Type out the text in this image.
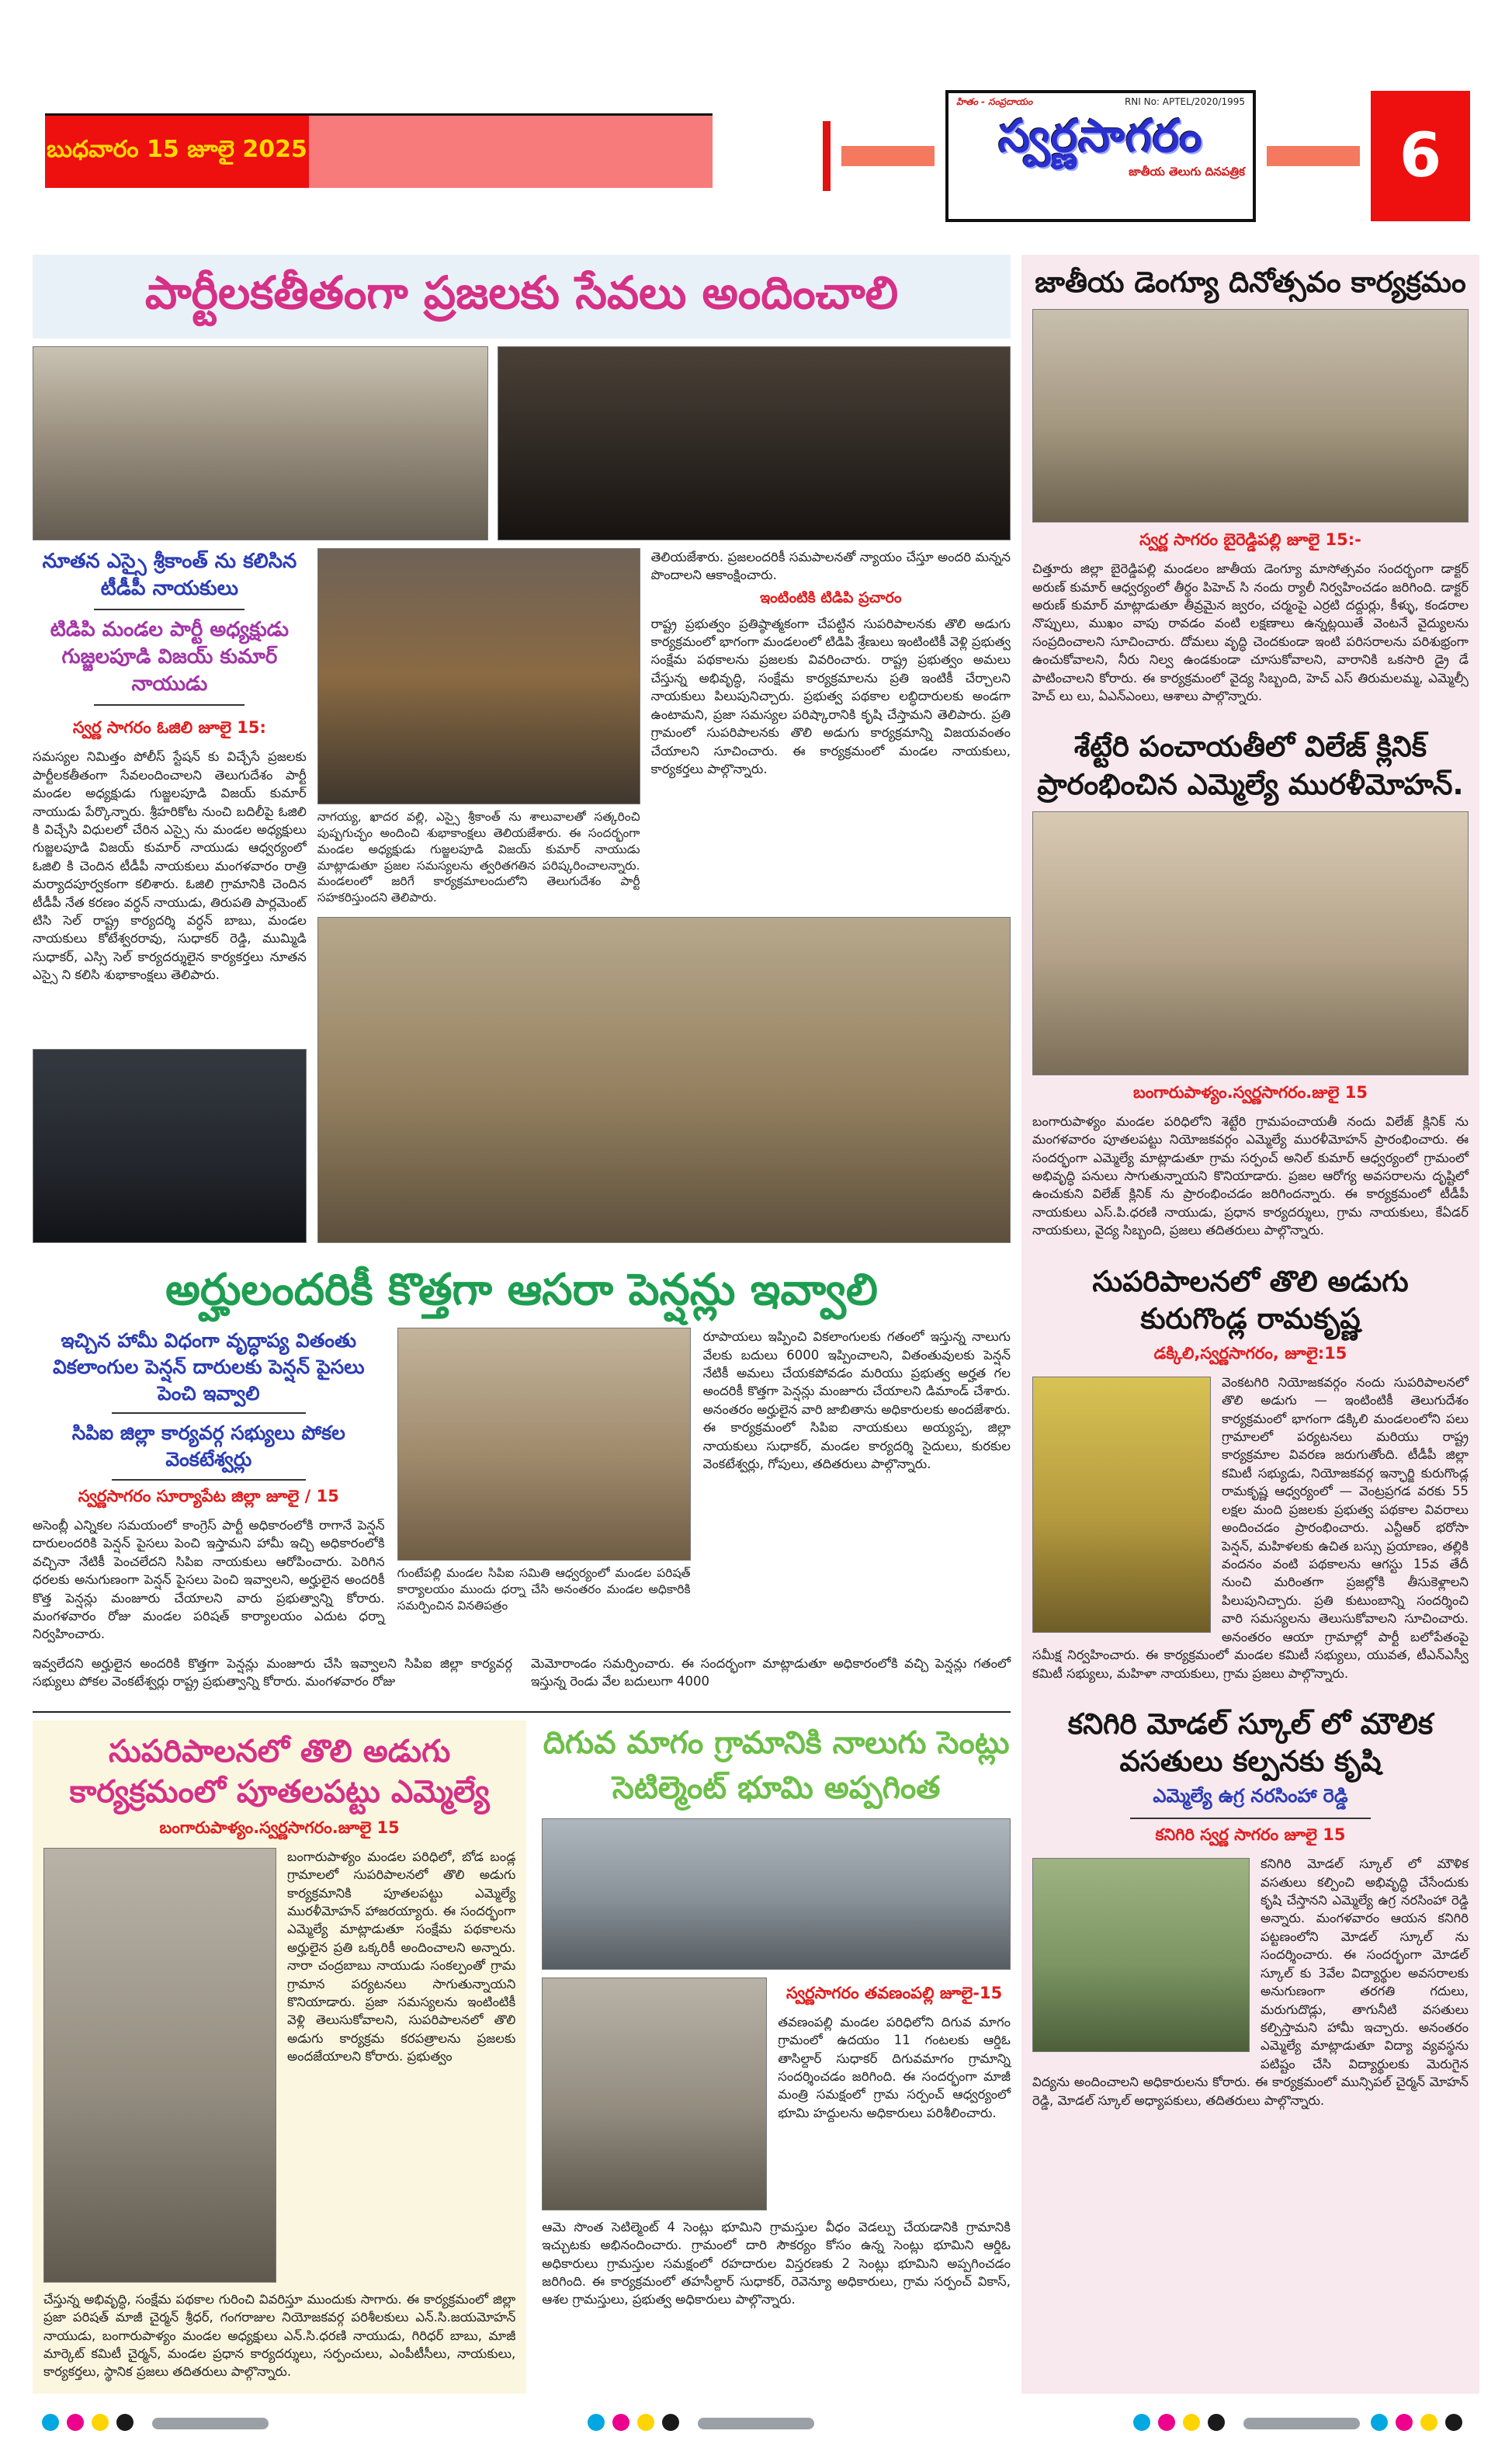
బుధవారం 15 జూలై 2025
హితం - సంప్రదాయం	RNI No: APTEL/2020/1995
స్వర్ణసాగరం
జాతీయ తెలుగు దినపత్రిక	6
పార్టీలకతీతంగా ప్రజలకు సేవలు అందించాలి
నూతన ఎస్సై శ్రీకాంత్ ను కలిసిన టీడీపీ నాయకులు
టిడిపి మండల పార్టీ అధ్యక్షుడు గుజ్జలపూడి విజయ్ కుమార్ నాయుడు
స్వర్ణ సాగరం ఓజిలి జూలై 15:

సమస్యల నిమిత్తం పోలీస్ స్టేషన్ కు విచ్చేసే ప్రజలకు పార్టీలకతీతంగా సేవలందించాలని తెలుగుదేశం పార్టీ మండల అధ్యక్షుడు గుజ్జలపూడి విజయ్ కుమార్ నాయుడు పేర్కొన్నారు. శ్రీహరికోట నుంచి బదిలీపై ఓజిలి కి విచ్చేసి విధులలో చేరిన ఎస్సై ను మండల అధ్యక్షులు గుజ్జలపూడి విజయ్ కుమార్ నాయుడు ఆధ్వర్యంలో ఓజిలి కి చెందిన టీడీపీ నాయకులు మంగళవారం రాత్రి మర్యాదపూర్వకంగా కలిశారు. ఓజిలి గ్రామానికి చెందిన టీడీపీ నేత కరణం వర్ధన్ నాయుడు, తిరుపతి పార్లమెంట్ టిసి సెల్ రాష్ట్ర కార్యదర్శి వర్ధన్ బాబు, మండల నాయకులు కోటేశ్వరరావు, సుధాకర్ రెడ్డి, ముమ్మిడి సుధాకర్, ఎస్సి సెల్ కార్యదర్శులైన కార్యకర్తలు నూతన ఎస్సై ని కలిసి శుభాకాంక్షలు తెలిపారు.

నాగయ్య, ఖాదర వల్లి, ఎస్సై శ్రీకాంత్ ను శాలువాలతో సత్కరించి పుష్పగుచ్ఛం అందించి శుభాకాంక్షలు తెలియజేశారు. ఈ సందర్భంగా మండల అధ్యక్షుడు గుజ్జలపూడి విజయ్ కుమార్ నాయుడు మాట్లాడుతూ ప్రజల సమస్యలను త్వరితగతిన పరిష్కరించాలన్నారు. మండలంలో జరిగే కార్యక్రమాలందులోని తెలుగుదేశం పార్టీ సహకరిస్తుందని తెలిపారు.

తెలియజేశారు. ప్రజలందరికీ సమపాలనతో న్యాయం చేస్తూ అందరి మన్నన పొందాలని ఆకాంక్షించారు.

ఇంటింటికి టిడిపి ప్రచారం

రాష్ట్ర ప్రభుత్వం ప్రతిష్ఠాత్మకంగా చేపట్టిన సుపరిపాలనకు తొలి అడుగు కార్యక్రమంలో భాగంగా మండలంలో టిడిపి శ్రేణులు ఇంటింటికీ వెళ్లి ప్రభుత్వ సంక్షేమ పథకాలను ప్రజలకు వివరించారు. రాష్ట్ర ప్రభుత్వం అమలు చేస్తున్న అభివృద్ధి, సంక్షేమ కార్యక్రమాలను ప్రతి ఇంటికీ చేర్చాలని నాయకులు పిలుపునిచ్చారు. ప్రభుత్వ పథకాల లబ్ధిదారులకు అండగా ఉంటామని, ప్రజా సమస్యల పరిష్కారానికి కృషి చేస్తామని తెలిపారు. ప్రతి గ్రామంలో సుపరిపాలనకు తొలి అడుగు కార్యక్రమాన్ని విజయవంతం చేయాలని సూచించారు. ఈ కార్యక్రమంలో మండల నాయకులు, కార్యకర్తలు పాల్గొన్నారు.

అర్హులందరికీ కొత్తగా ఆసరా పెన్షన్లు ఇవ్వాలి
ఇచ్చిన హామీ విధంగా వృద్ధాప్య వితంతు వికలాంగుల పెన్షన్ దారులకు పెన్షన్ పైసలు పెంచి ఇవ్వాలి
సిపిఐ జిల్లా కార్యవర్గ సభ్యులు పోకల వెంకటేశ్వర్లు
స్వర్ణసాగరం సూర్యాపేట జిల్లా జూలై / 15

అసెంబ్లీ ఎన్నికల సమయంలో కాంగ్రెస్ పార్టీ అధికారంలోకి రాగానే పెన్షన్ దారులందరికి పెన్షన్ పైసలు పెంచి ఇస్తామని హామీ ఇచ్చి అధికారంలోకి వచ్చినా నేటికీ పెంచలేదని సిపిఐ నాయకులు ఆరోపించారు. పెరిగిన ధరలకు అనుగుణంగా పెన్షన్ పైసలు పెంచి ఇవ్వాలని, అర్హులైన అందరికీ కొత్త పెన్షన్లు మంజూరు చేయాలని వారు ప్రభుత్వాన్ని కోరారు. మంగళవారం రోజు మండల పరిషత్ కార్యాలయం ఎదుట ధర్నా నిర్వహించారు.

గుంటేపల్లి మండల సిపిఐ సమితి ఆధ్వర్యంలో మండల పరిషత్ కార్యాలయం ముందు ధర్నా చేసి అనంతరం మండల అధికారికి సమర్పించిన వినతిపత్రం

రూపాయలు ఇప్పించి వికలాంగులకు గతంలో ఇస్తున్న నాలుగు వేలకు బదులు 6000 ఇప్పించాలని, వితంతువులకు పెన్షన్ నేటికీ అమలు చేయకపోవడం మరియు ప్రభుత్వ అర్హత గల అందరికీ కొత్తగా పెన్షన్లు మంజూరు చేయాలని డిమాండ్ చేశారు. అనంతరం అర్హులైన వారి జాబితాను అధికారులకు అందజేశారు. ఈ కార్యక్రమంలో సిపిఐ నాయకులు అయ్యప్ప, జిల్లా నాయకులు సుధాకర్, మండల కార్యదర్శి సైదులు, కురకుల వెంకటేశ్వర్లు, గోపులు, తదితరులు పాల్గొన్నారు.

ఇవ్వలేదని అర్హులైన అందరికి కొత్తగా పెన్షన్లు మంజూరు చేసి ఇవ్వాలని సిపిఐ జిల్లా కార్యవర్గ సభ్యులు పోకల వెంకటేశ్వర్లు రాష్ట్ర ప్రభుత్వాన్ని కోరారు. మంగళవారం రోజు

మెమోరాండం సమర్పించారు. ఈ సందర్భంగా మాట్లాడుతూ అధికారంలోకి వచ్చి పెన్షన్లు గతంలో ఇస్తున్న రెండు వేల బదులుగా 4000

సుపరిపాలనలో తొలి అడుగు
కార్యక్రమంలో పూతలపట్టు ఎమ్మెల్యే
బంగారుపాళ్యం.స్వర్ణసాగరం.జూలై 15

బంగారుపాళ్యం మండల పరిధిలో, బోడ బండ్ల గ్రామాలలో సుపరిపాలనలో తొలి అడుగు కార్యక్రమానికి పూతలపట్టు ఎమ్మెల్యే మురళీమోహన్ హాజరయ్యారు. ఈ సందర్భంగా ఎమ్మెల్యే మాట్లాడుతూ సంక్షేమ పథకాలను అర్హులైన ప్రతి ఒక్కరికీ అందించాలని అన్నారు. నారా చంద్రబాబు నాయుడు సంకల్పంతో గ్రామ గ్రామాన పర్యటనలు సాగుతున్నాయని కొనియాడారు. ప్రజా సమస్యలను ఇంటింటికీ వెళ్లి తెలుసుకోవాలని, సుపరిపాలనలో తొలి అడుగు కార్యక్రమ కరపత్రాలను ప్రజలకు అందజేయాలని కోరారు. ప్రభుత్వం

చేస్తున్న అభివృద్ధి, సంక్షేమ పథకాల గురించి వివరిస్తూ ముందుకు సాగారు. ఈ కార్యక్రమంలో జిల్లా ప్రజా పరిషత్ మాజీ చైర్మన్ శ్రీధర్, గంగరాజుల నియోజకవర్గ పరిశీలకులు ఎన్.సి.జయమోహన్ నాయుడు, బంగారుపాళ్యం మండల అధ్యక్షులు ఎన్.సి.ధరణి నాయుడు, గిరిధర్ బాబు, మాజీ మార్కెట్ కమిటీ చైర్మన్, మండల ప్రధాన కార్యదర్శులు, సర్పంచులు, ఎంపీటీసీలు, నాయకులు, కార్యకర్తలు, స్థానిక ప్రజలు తదితరులు పాల్గొన్నారు.

దిగువ మాగం గ్రామానికి నాలుగు సెంట్లు సెటిల్మెంట్ భూమి అప్పగింత
స్వర్ణసాగరం తవణంపల్లి జూలై-15

తవణంపల్లి మండల పరిధిలోని దిగువ మాగం గ్రామంలో ఉదయం 11 గంటలకు ఆర్డిఓ తాసిల్దార్ సుధాకర్ దిగువమాగం గ్రామాన్ని సందర్శించడం జరిగింది. ఈ సందర్భంగా మాజీ మంత్రి సమక్షంలో గ్రామ సర్పంచ్ ఆధ్వర్యంలో భూమి హద్దులను అధికారులు పరిశీలించారు.

ఆమె సొంత సెటిల్మెంట్ 4 సెంట్లు భూమిని గ్రామస్తుల వీధం వెడల్పు చేయడానికి గ్రామానికి ఇచ్చుటకు అభినందించారు. గ్రామంలో దారి సౌకర్యం కోసం ఉన్న సెంట్లు భూమిని ఆర్డిఓ అధికారులు గ్రామస్తుల సమక్షంలో రహదారుల విస్తరణకు 2 సెంట్లు భూమిని అప్పగించడం జరిగింది. ఈ కార్యక్రమంలో తహసీల్దార్ సుధాకర్, రెవెన్యూ అధికారులు, గ్రామ సర్పంచ్ వికాస్, ఆశల గ్రామస్తులు, ప్రభుత్వ అధికారులు పాల్గొన్నారు.

జాతీయ డెంగ్యూ దినోత్సవం కార్యక్రమం
స్వర్ణ సాగరం బైరెడ్డిపల్లి జూలై 15:-

చిత్తూరు జిల్లా బైరెడ్డిపల్లి మండలం జాతీయ డెంగ్యూ మాసోత్సవం సందర్భంగా డాక్టర్ అరుణ్ కుమార్ ఆధ్వర్యంలో తీర్థం పిహెచ్ సి నందు ర్యాలీ నిర్వహించడం జరిగింది. డాక్టర్ అరుణ్ కుమార్ మాట్లాడుతూ తీవ్రమైన జ్వరం, చర్మంపై ఎర్రటి దద్దుర్లు, కీళ్ళు, కండరాల నొప్పులు, ముఖం వాపు రావడం వంటి లక్షణాలు ఉన్నట్లయితే వెంటనే వైద్యులను సంప్రదించాలని సూచించారు. దోమలు వృద్ధి చెందకుండా ఇంటి పరిసరాలను పరిశుభ్రంగా ఉంచుకోవాలని, నీరు నిల్వ ఉండకుండా చూసుకోవాలని, వారానికి ఒకసారి డ్రై డే పాటించాలని కోరారు. ఈ కార్యక్రమంలో వైద్య సిబ్బంది, హెచ్ ఎస్ తిరుమలమ్మ, ఎమ్మెల్సీ హెచ్ లు లు, ఏఎన్ఎంలు, ఆశాలు పాల్గొన్నారు.

శేట్టేరి పంచాయతీలో విలేజ్ క్లినిక్ ప్రారంభించిన ఎమ్మెల్యే మురళీమోహన్.
బంగారుపాళ్యం.స్వర్ణసాగరం.జులై 15

బంగారుపాళ్యం మండల పరిధిలోని శెట్టేరి గ్రామపంచాయతీ నందు విలేజ్ క్లినిక్ ను మంగళవారం పూతలపట్టు నియోజకవర్గం ఎమ్మెల్యే మురళీమోహన్ ప్రారంభించారు. ఈ సందర్భంగా ఎమ్మెల్యే మాట్లాడుతూ గ్రామ సర్పంచ్ అనిల్ కుమార్ ఆధ్వర్యంలో గ్రామంలో అభివృద్ధి పనులు సాగుతున్నాయని కొనియాడారు. ప్రజల ఆరోగ్య అవసరాలను దృష్టిలో ఉంచుకుని విలేజ్ క్లినిక్ ను ప్రారంభించడం జరిగిందన్నారు. ఈ కార్యక్రమంలో టీడీపీ నాయకులు ఎస్.పి.ధరణి నాయుడు, ప్రధాన కార్యదర్శులు, గ్రామ నాయకులు, కేఏడర్ నాయకులు, వైద్య సిబ్బంది, ప్రజలు తదితరులు పాల్గొన్నారు.

సుపరిపాలనలో తొలి అడుగు
కురుగొండ్ల రామకృష్ణ
డక్కిలి,స్వర్ణసాగరం, జూలై:15

వెంకటగిరి నియోజకవర్గం నందు సుపరిపాలనలో తొలి అడుగు — ఇంటింటికీ తెలుగుదేశం కార్యక్రమంలో భాగంగా డక్కిలి మండలంలోని పలు గ్రామాలలో పర్యటనలు మరియు రాష్ట్ర కార్యక్రమాల వివరణ జరుగుతోంది. టీడీపీ జిల్లా కమిటీ సభ్యుడు, నియోజకవర్గ ఇన్ఛార్జి కురుగొండ్ల రామకృష్ణ ఆధ్వర్యంలో — వెంట్రప్రగడ వరకు 55 లక్షల మంది ప్రజలకు ప్రభుత్వ పథకాల వివరాలు అందించడం ప్రారంభించారు. ఎన్టీఆర్ భరోసా పెన్షన్, మహిళలకు ఉచిత బస్సు ప్రయాణం, తల్లికి వందనం వంటి పథకాలను ఆగస్టు 15వ తేదీ నుంచి మరింతగా ప్రజల్లోకి తీసుకెళ్లాలని పిలుపునిచ్చారు. ప్రతి కుటుంబాన్ని సందర్శించి వారి సమస్యలను తెలుసుకోవాలని సూచించారు. అనంతరం ఆయా గ్రామాల్లో పార్టీ బలోపేతంపై సమీక్ష నిర్వహించారు. ఈ కార్యక్రమంలో మండల కమిటీ సభ్యులు, యువత, టీఎన్ఎస్వీ కమిటీ సభ్యులు, మహిళా నాయకులు, గ్రామ ప్రజలు పాల్గొన్నారు.

కనిగిరి మోడల్ స్కూల్ లో మౌలిక
వసతులు కల్పనకు కృషి
ఎమ్మెల్యే ఉగ్ర నరసింహా రెడ్డి
కనిగిరి స్వర్ణ సాగరం జూలై 15

కనిగిరి మోడల్ స్కూల్ లో మౌళిక వసతులు కల్పించి అభివృద్ధి చేసేందుకు కృషి చేస్తానని ఎమ్మెల్యే ఉగ్ర నరసింహా రెడ్డి అన్నారు. మంగళవారం ఆయన కనిగిరి పట్టణంలోని మోడల్ స్కూల్ ను సందర్శించారు. ఈ సందర్భంగా మోడల్ స్కూల్ కు 3వేల విద్యార్థుల అవసరాలకు అనుగుణంగా తరగతి గదులు, మరుగుదొడ్లు, తాగునీటి వసతులు కల్పిస్తామని హామీ ఇచ్చారు. అనంతరం ఎమ్మెల్యే మాట్లాడుతూ విద్యా వ్యవస్థను పటిష్టం చేసి విద్యార్థులకు మెరుగైన విద్యను అందించాలని అధికారులను కోరారు. ఈ కార్యక్రమంలో మున్సిపల్ చైర్మన్ మోహన్ రెడ్డి, మోడల్ స్కూల్ అధ్యాపకులు, తదితరులు పాల్గొన్నారు.
